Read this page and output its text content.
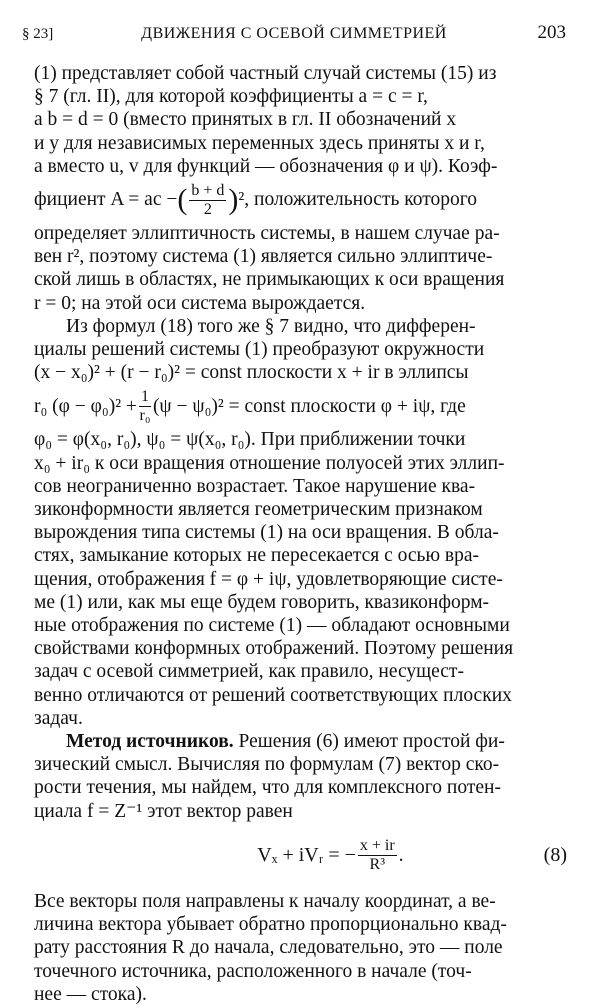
§ 23]	ДВИЖЕНИЯ С ОСЕВОЙ СИММЕТРИЕЙ	203

(1) представляет собой частный случай системы (15) из
§ 7 (гл. II), для которой коэффициенты a = c = r,
a b = d = 0 (вместо принятых в гл. II обозначений x
и y для независимых переменных здесь приняты x и r,
а вместо u, v для функций — обозначения φ и ψ). Коэф-

фициент A = ac − ( $\frac{b + d}{2}$ ) ², положительность которого

определяет эллиптичность системы, в нашем случае ра-
вен r², поэтому система (1) является сильно эллиптиче-
ской лишь в областях, не примыкающих к оси вращения
r = 0; на этой оси система вырождается.

Из формул (18) того же § 7 видно, что дифферен-
циалы решений системы (1) преобразуют окружности
(x − x₀)² + (r − r₀)² = const плоскости x + ir в эллипсы

r₀ $(\varphi - \varphi_0)^2 + \frac{1}{\text{r₀}} (\psi - \psi_0)^2$ = const плоскости φ + iψ, где

φ₀ = φ(x₀, r₀), ψ₀ = ψ(x₀, r₀). При приближении точки
x₀ + ir₀ к оси вращения отношение полуосей этих эллип-
сов неограниченно возрастает. Такое нарушение ква-
зиконформности является геометрическим признаком
вырождения типа системы (1) на оси вращения. В обла-
стях, замыкание которых не пересекается с осью вра-
щения, отображения f = φ + iψ, удовлетворяющие систе-
ме (1) или, как мы еще будем говорить, квазиконформ-
ные отображения по системе (1) — обладают основными
свойствами конформных отображений. Поэтому решения
задач с осевой симметрией, как правило, несущест-
венно отличаются от решений соответствующих плоских
задач.

Метод источников. Решения (6) имеют простой фи-
зический смысл. Вычисляя по формулам (7) вектор ско-
рости течения, мы найдем, что для комплексного потен-
циала f = Z⁻¹ этот вектор равен

Vₓ + iVᵣ = − $\frac{x + ir}{\text{R³}}$ .	(8)

Все векторы поля направлены к началу координат, а ве-
личина вектора убывает обратно пропорционально квад-
рату расстояния R до начала, следовательно, это — поле
точечного источника, расположенного в начале (точ-
нее — стока).
